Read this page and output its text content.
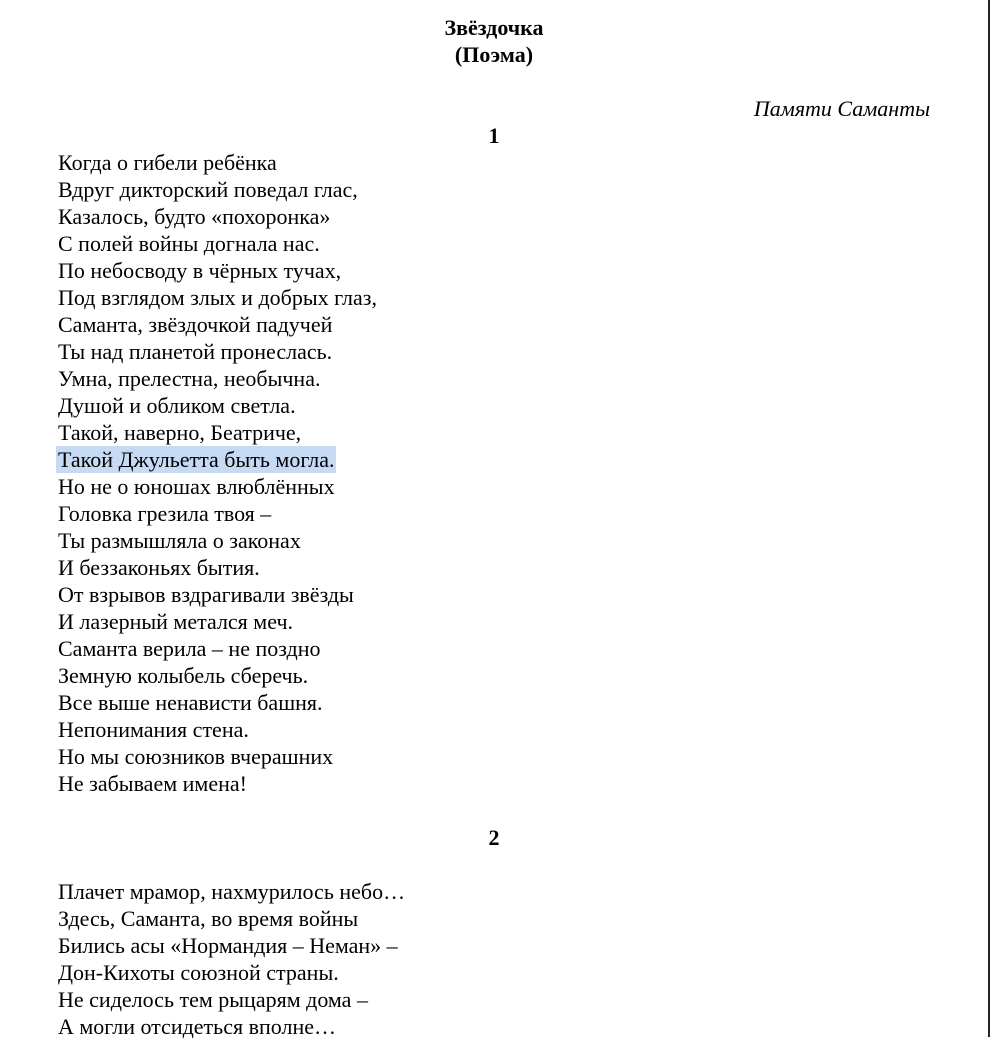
Звёздочка
(Поэма)
Памяти Саманты
1
Когда о гибели ребёнка
Вдруг дикторский поведал глас,
Казалось, будто «похоронка»
С полей войны догнала нас.
По небосводу в чёрных тучах,
Под взглядом злых и добрых глаз,
Саманта, звёздочкой падучей
Ты над планетой пронеслась.
Умна, прелестна, необычна.
Душой и обликом светла.
Такой, наверно, Беатриче,
Такой Джульетта быть могла.
Но не о юношах влюблённых
Головка грезила твоя –
Ты размышляла о законах
И беззаконьях бытия.
От взрывов вздрагивали звёзды
И лазерный метался меч.
Саманта верила – не поздно
Земную колыбель сберечь.
Все выше ненависти башня.
Непонимания стена.
Но мы союзников вчерашних
Не забываем имена!
2
Плачет мрамор, нахмурилось небо…
Здесь, Саманта, во время войны
Бились асы «Нормандия – Неман» –
Дон-Кихоты союзной страны.
Не сиделось тем рыцарям дома –
А могли отсидеться вполне…
